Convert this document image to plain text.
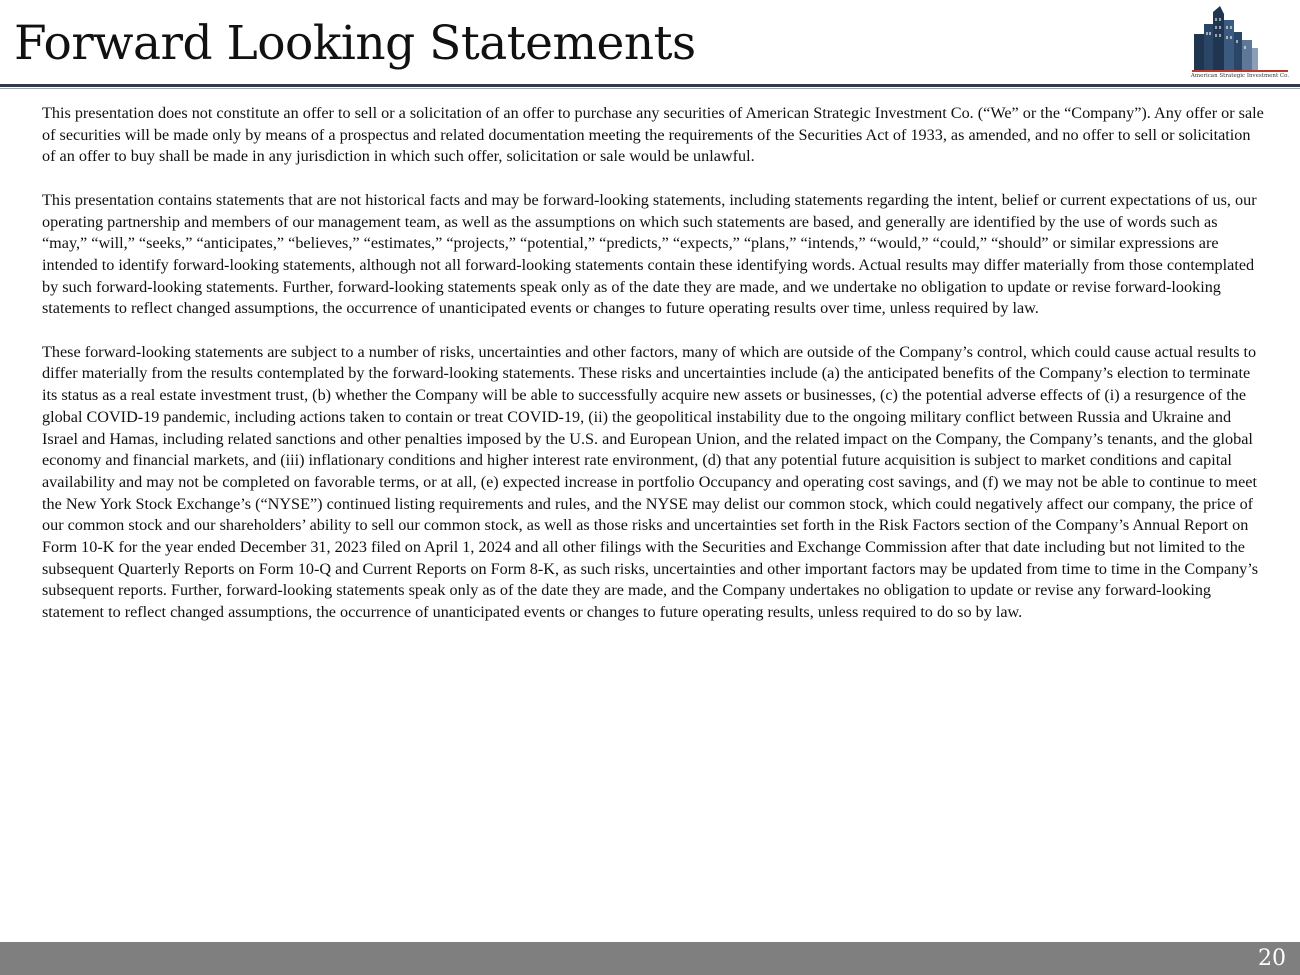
Forward Looking Statements
American Strategic Investment Co.

This presentation does not constitute an offer to sell or a solicitation of an offer to purchase any securities of American Strategic Investment Co. (“We” or the “Company”). Any offer or sale of securities will be made only by means of a prospectus and related documentation meeting the requirements of the Securities Act of 1933, as amended, and no offer to sell or solicitation of an offer to buy shall be made in any jurisdiction in which such offer, solicitation or sale would be unlawful.

This presentation contains statements that are not historical facts and may be forward-looking statements, including statements regarding the intent, belief or current expectations of us, our operating partnership and members of our management team, as well as the assumptions on which such statements are based, and generally are identified by the use of words such as “may,” “will,” “seeks,” “anticipates,” “believes,” “estimates,” “projects,” “potential,” “predicts,” “expects,” “plans,” “intends,” “would,” “could,” “should” or similar expressions are intended to identify forward-looking statements, although not all forward-looking statements contain these identifying words. Actual results may differ materially from those contemplated by such forward-looking statements. Further, forward-looking statements speak only as of the date they are made, and we undertake no obligation to update or revise forward-looking statements to reflect changed assumptions, the occurrence of unanticipated events or changes to future operating results over time, unless required by law.

These forward-looking statements are subject to a number of risks, uncertainties and other factors, many of which are outside of the Company’s control, which could cause actual results to differ materially from the results contemplated by the forward-looking statements. These risks and uncertainties include (a) the anticipated benefits of the Company’s election to terminate its status as a real estate investment trust, (b) whether the Company will be able to successfully acquire new assets or businesses, (c) the potential adverse effects of (i) a resurgence of the global COVID-19 pandemic, including actions taken to contain or treat COVID-19, (ii) the geopolitical instability due to the ongoing military conflict between Russia and Ukraine and Israel and Hamas, including related sanctions and other penalties imposed by the U.S. and European Union, and the related impact on the Company, the Company’s tenants, and the global economy and financial markets, and (iii) inflationary conditions and higher interest rate environment, (d) that any potential future acquisition is subject to market conditions and capital availability and may not be completed on favorable terms, or at all, (e) expected increase in portfolio Occupancy and operating cost savings, and (f) we may not be able to continue to meet the New York Stock Exchange’s (“NYSE”) continued listing requirements and rules, and the NYSE may delist our common stock, which could negatively affect our company, the price of our common stock and our shareholders’ ability to sell our common stock, as well as those risks and uncertainties set forth in the Risk Factors section of the Company’s Annual Report on Form 10-K for the year ended December 31, 2023 filed on April 1, 2024 and all other filings with the Securities and Exchange Commission after that date including but not limited to the subsequent Quarterly Reports on Form 10-Q and Current Reports on Form 8-K, as such risks, uncertainties and other important factors may be updated from time to time in the Company’s subsequent reports. Further, forward-looking statements speak only as of the date they are made, and the Company undertakes no obligation to update or revise any forward-looking statement to reflect changed assumptions, the occurrence of unanticipated events or changes to future operating results, unless required to do so by law.

20
